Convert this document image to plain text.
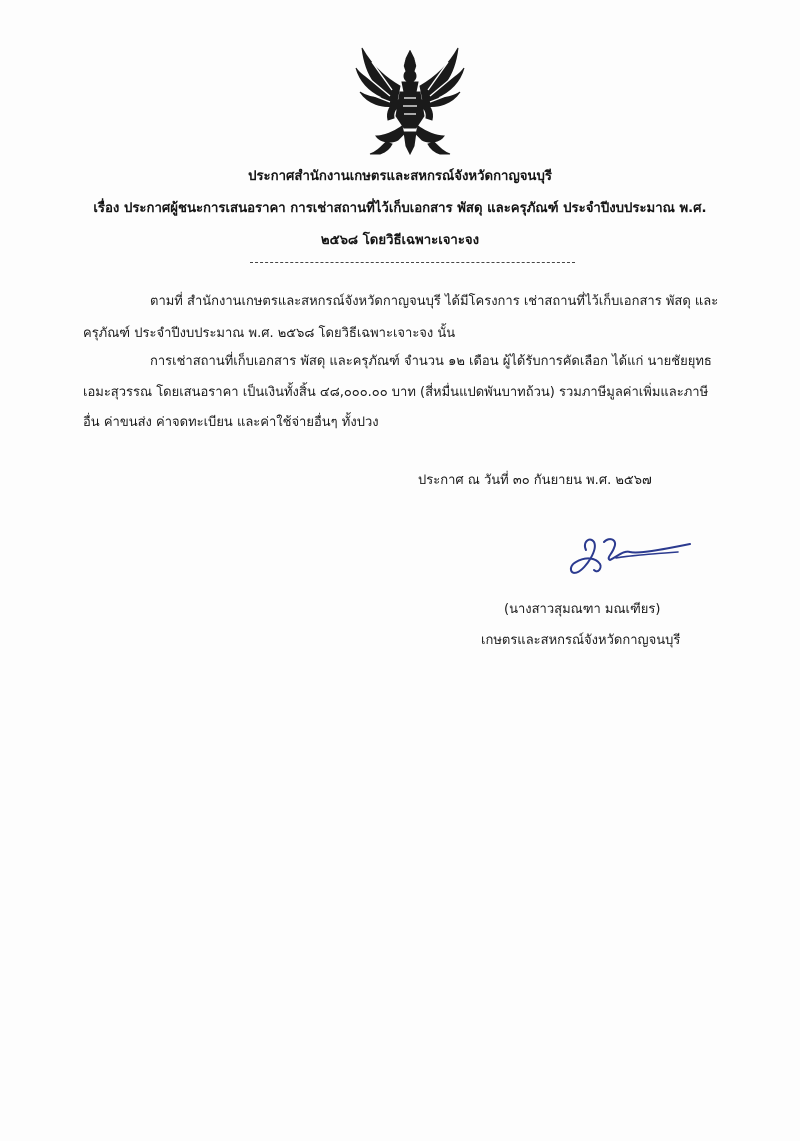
ประกาศสำนักงานเกษตรและสหกรณ์จังหวัดกาญจนบุรี
เรื่อง ประกาศผู้ชนะการเสนอราคา การเช่าสถานที่ไว้เก็บเอกสาร พัสดุ และครุภัณฑ์ ประจำปีงบประมาณ พ.ศ.
๒๕๖๘ โดยวิธีเฉพาะเจาะจง
ตามที่ สำนักงานเกษตรและสหกรณ์จังหวัดกาญจนบุรี ได้มีโครงการ เช่าสถานที่ไว้เก็บเอกสาร พัสดุ และ
ครุภัณฑ์ ประจำปีงบประมาณ พ.ศ. ๒๕๖๘ โดยวิธีเฉพาะเจาะจง นั้น
การเช่าสถานที่เก็บเอกสาร พัสดุ และครุภัณฑ์ จำนวน ๑๒ เดือน ผู้ได้รับการคัดเลือก ได้แก่ นายชัยยุทธ
เอมะสุวรรณ โดยเสนอราคา เป็นเงินทั้งสิ้น ๔๘,๐๐๐.๐๐ บาท (สี่หมื่นแปดพันบาทถ้วน) รวมภาษีมูลค่าเพิ่มและภาษี
อื่น ค่าขนส่ง ค่าจดทะเบียน และค่าใช้จ่ายอื่นๆ ทั้งปวง
ประกาศ ณ วันที่ ๓๐ กันยายน พ.ศ. ๒๕๖๗
(นางสาวสุมณฑา มณเฑียร)
เกษตรและสหกรณ์จังหวัดกาญจนบุรี
